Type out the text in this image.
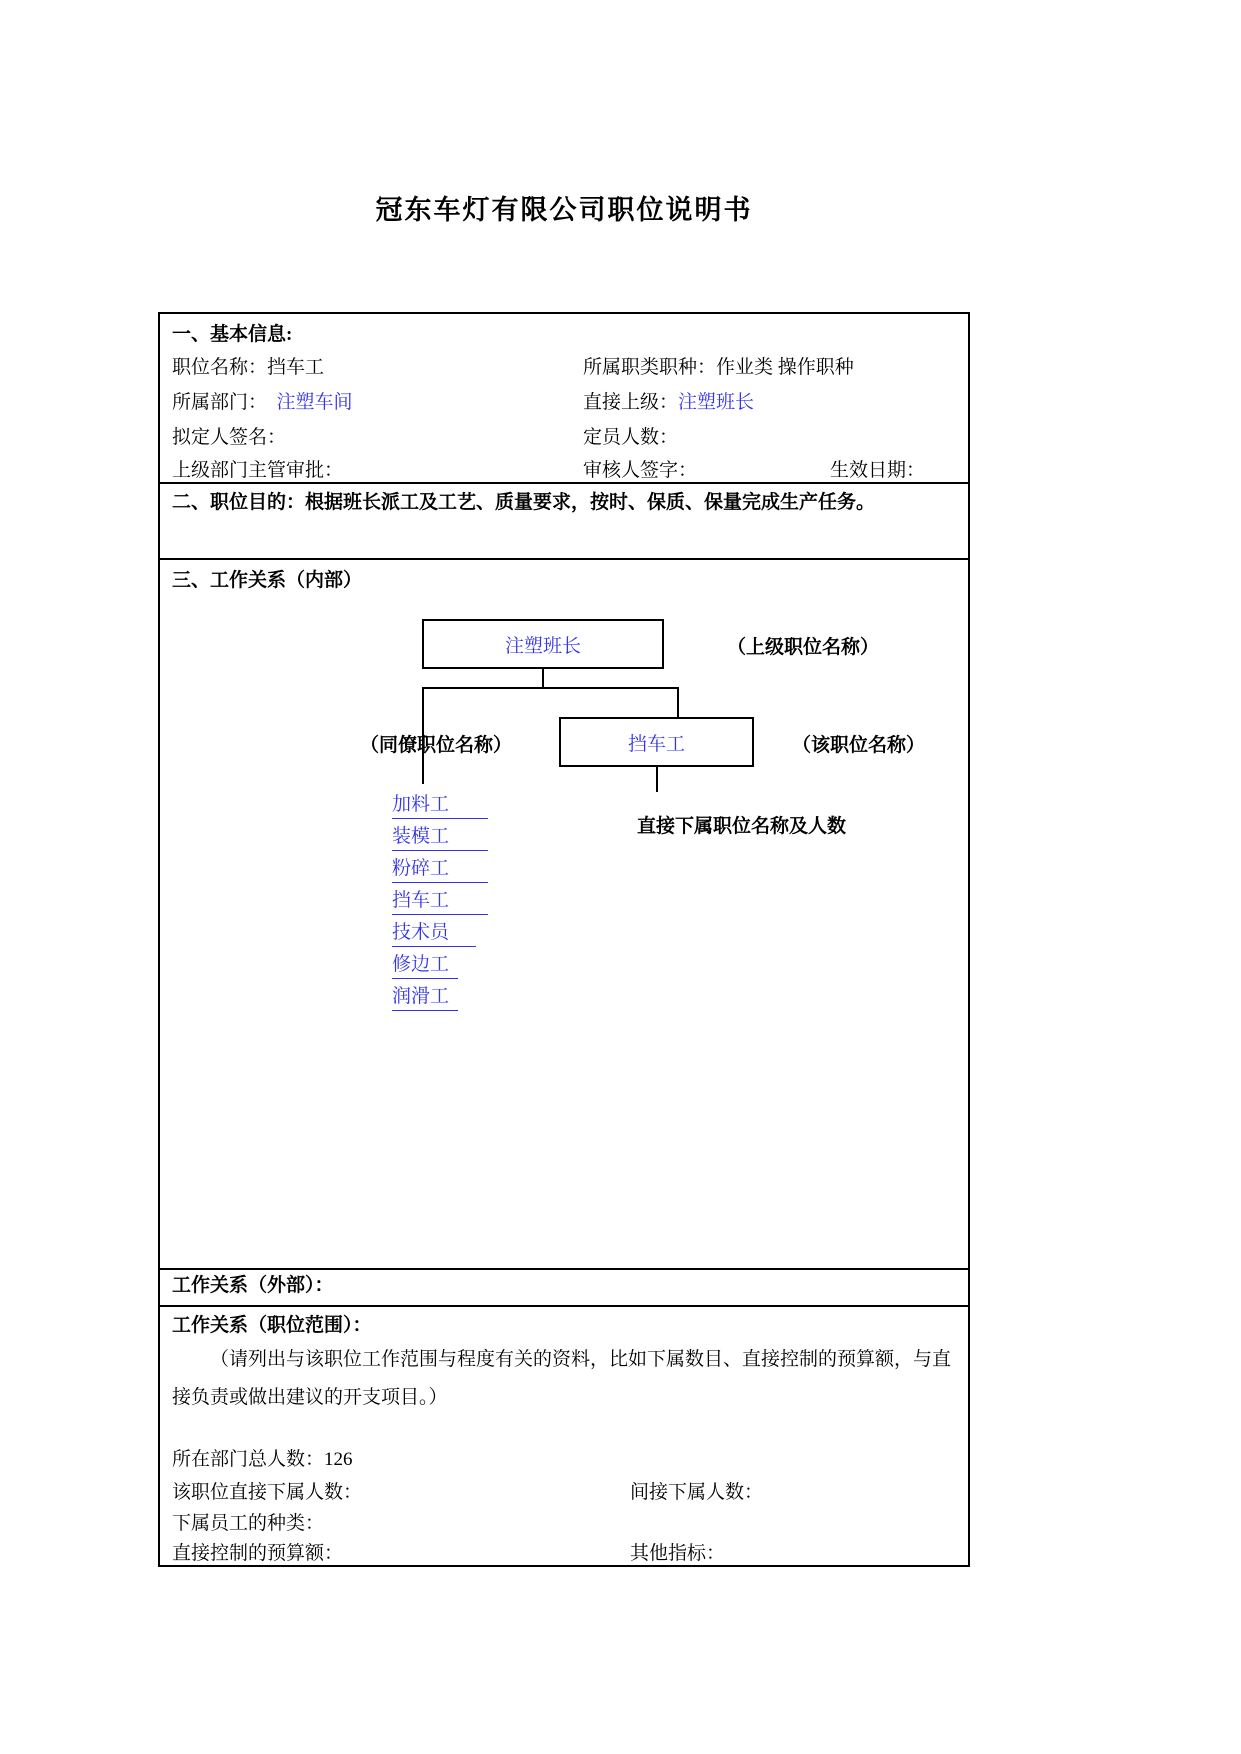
冠东车灯有限公司职位说明书
一、基本信息:
职位名称：挡车工	所属职类职种：作业类 操作职种
所属部门： 注塑车间	直接上级：注塑班长
拟定人签名：	定员人数：
上级部门主管审批：	审核人签字：	生效日期：
二、职位目的：根据班长派工及工艺、质量要求，按时、保质、保量完成生产任务。
三、工作关系（内部）
注塑班长	（上级职位名称）
挡车工	（该职位名称）
（同僚职位名称）
加料工
装模工
粉碎工
挡车工
技术员
修边工
润滑工
直接下属职位名称及人数
工作关系（外部）：
工作关系（职位范围）：
（请列出与该职位工作范围与程度有关的资料，比如下属数目、直接控制的预算额，与直接负责或做出建议的开支项目。）
所在部门总人数：126
该职位直接下属人数：	间接下属人数：
下属员工的种类：
直接控制的预算额：	其他指标：
